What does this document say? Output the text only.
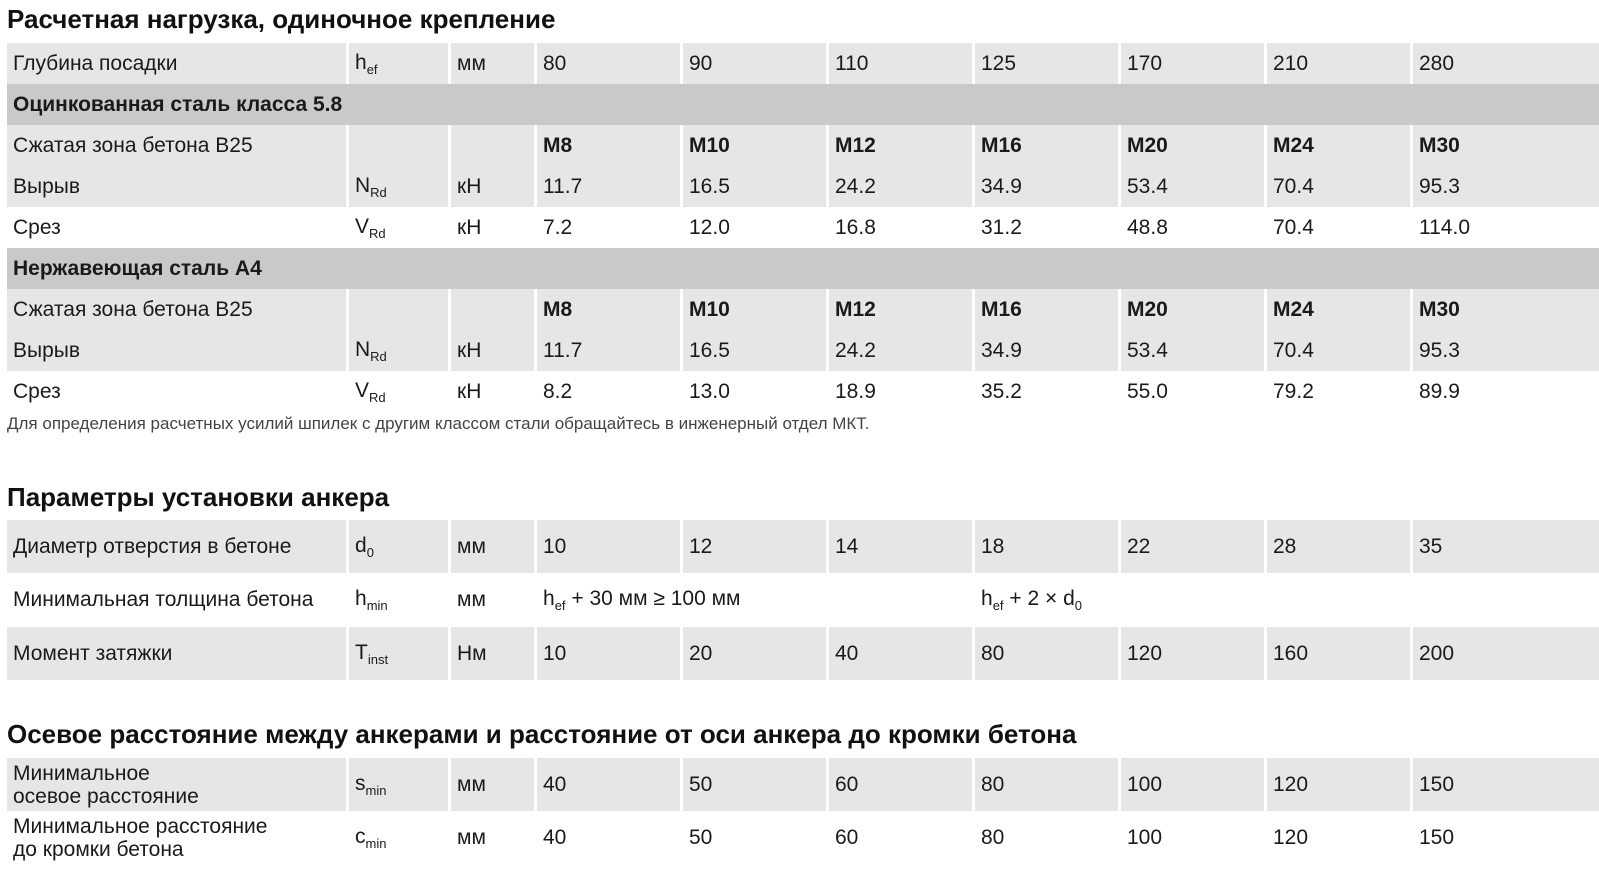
Расчетная нагрузка, одиночное крепление
Глубина посадки	$h_{ef}$	мм	80	90	110	125	170	210	280
Оцинкованная сталь класса 5.8									
Сжатая зона бетона B25			M8	M10	M12	M16	M20	M24	M30
Вырыв	$N_{Rd}$	кН	11.7	16.5	24.2	34.9	53.4	70.4	95.3
Срез	$V_{Rd}$	кН	7.2	12.0	16.8	31.2	48.8	70.4	114.0
Нержавеющая сталь A4									
Сжатая зона бетона B25			M8	M10	M12	M16	M20	M24	M30
Вырыв	$N_{Rd}$	кН	11.7	16.5	24.2	34.9	53.4	70.4	95.3
Срез	$V_{Rd}$	кН	8.2	13.0	18.9	35.2	55.0	79.2	89.9
Для определения расчетных усилий шпилек с другим классом стали обращайтесь в инженерный отдел МКТ.
Параметры установки анкера
Диаметр отверстия в бетоне	$d_0$	мм	10	12	14	18	22	28	35
Минимальная толщина бетона	$h_{min}$	мм	$h_{ef} + 30$ мм ≥ 100 мм			$h_{ef} + 2 \times d_0$
Момент затяжки	$T_{inst}$	Нм	10	20	40	80	120	160	200
Осевое расстояние между анкерами и расстояние от оси анкера до кромки бетона
Минимальное
осевое расстояние	$s_{min}$	мм	40	50	60	80	100	120	150

Минимальное расстояние
до кромки бетона	$c_{min}$	мм	40	50	60	80	100	120	150
